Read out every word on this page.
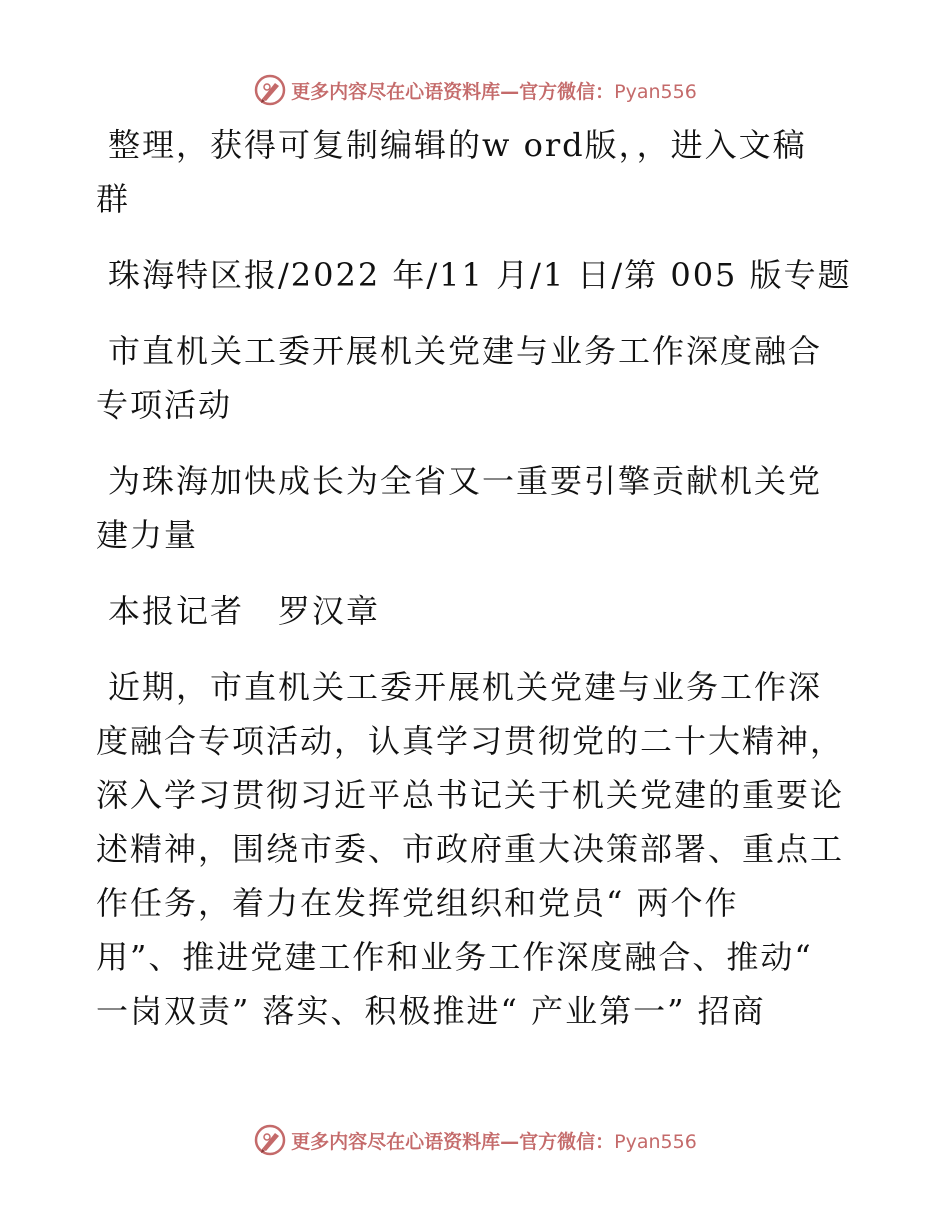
更多内容尽在心语资料库—官方微信：Pyan556
整理，获得可复制编辑的w ord版，，进入文稿
群
珠海特区报/2022 年/11 月/1 日/第 005 版专题
市直机关工委开展机关党建与业务工作深度融合
专项活动
为珠海加快成长为全省又一重要引擎贡献机关党
建力量
本报记者　罗汉章
近期，市直机关工委开展机关党建与业务工作深
度融合专项活动，认真学习贯彻党的二十大精神，
深入学习贯彻习近平总书记关于机关党建的重要论
述精神，围绕市委、市政府重大决策部署、重点工
作任务，着力在发挥党组织和党员“ 两个作
用”、推进党建工作和业务工作深度融合、推动“
一岗双责” 落实、积极推进“ 产业第一” 招商
更多内容尽在心语资料库—官方微信：Pyan556
